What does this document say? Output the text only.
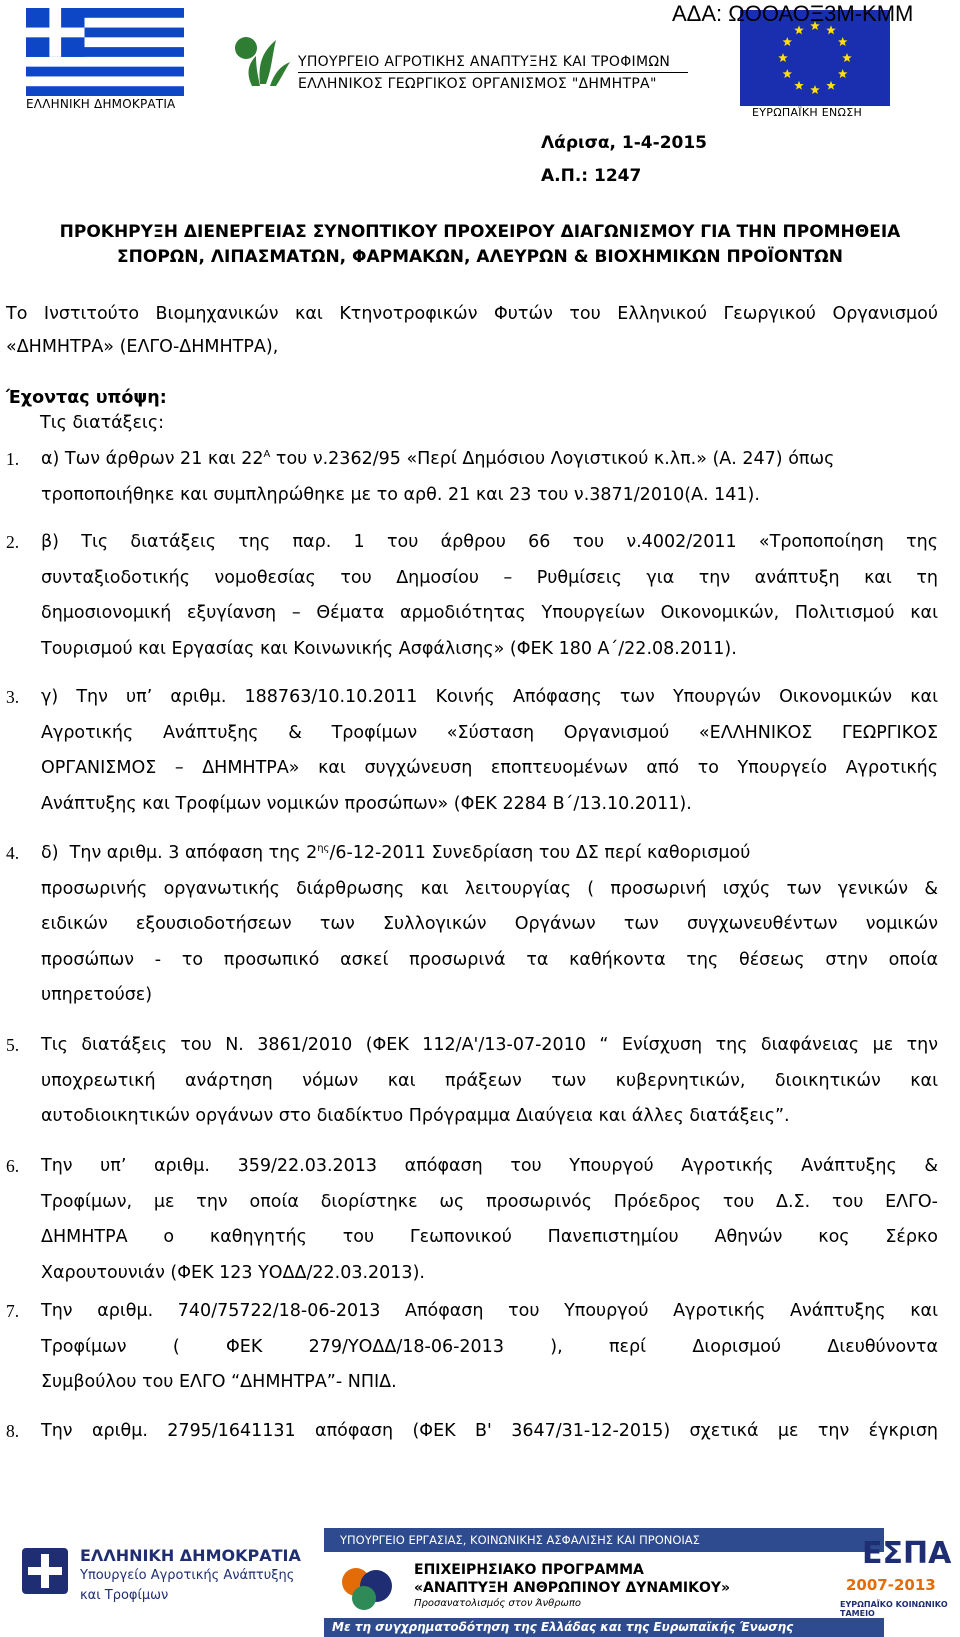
ΕΛΛΗΝΙΚΗ ΔΗΜΟΚΡΑΤΙΑ
ΥΠΟΥΡΓΕΙΟ ΑΓΡΟΤΙΚΗΣ ΑΝΑΠΤΥΞΗΣ ΚΑΙ ΤΡΟΦΙΜΩΝ
ΕΛΛΗΝΙΚΟΣ ΓΕΩΡΓΙΚΟΣ ΟΡΓΑΝΙΣΜΟΣ "ΔΗΜΗΤΡΑ"
ΕΥΡΩΠΑΪΚΗ ΕΝΩΣΗ
ΑΔΑ: ΩΟΟΑΟΞ3Μ-ΚΜΜ
Λάρισα, 1-4-2015
Α.Π.: 1247
ΠΡΟΚΗΡΥΞΗ ΔΙΕΝΕΡΓΕΙΑΣ ΣΥΝΟΠΤΙΚΟΥ ΠΡΟΧΕΙΡΟΥ ΔΙΑΓΩΝΙΣΜΟΥ ΓΙΑ ΤΗΝ ΠΡΟΜΗΘΕΙΑ
ΣΠΟΡΩΝ, ΛΙΠΑΣΜΑΤΩΝ, ΦΑΡΜΑΚΩΝ, ΑΛΕΥΡΩΝ & ΒΙΟΧΗΜΙΚΩΝ ΠΡΟΪΟΝΤΩΝ
Το Ινστιτούτο Βιομηχανικών και Κτηνοτροφικών Φυτών του Ελληνικού Γεωργικού Οργανισμού
«ΔΗΜΗΤΡΑ» (ΕΛΓΟ-ΔΗΜΗΤΡΑ),
Έχοντας υπόψη:
Τις διατάξεις:
1. α) Των άρθρων 21 και $22^A$ του ν.2362/95 «Περί Δημόσιου Λογιστικού κ.λπ.» (Α. 247) όπως
τροποποιήθηκε και συμπληρώθηκε με το αρθ. 21 και 23 του ν.3871/2010(Α. 141).
2. β) Τις διατάξεις της παρ. 1 του άρθρου 66 του ν.4002/2011 «Τροποποίηση της
συνταξιοδοτικής νομοθεσίας του Δημοσίου – Ρυθμίσεις για την ανάπτυξη και τη
δημοσιονομική εξυγίανση – Θέματα αρμοδιότητας Υπουργείων Οικονομικών, Πολιτισμού και
Τουρισμού και Εργασίας και Κοινωνικής Ασφάλισης» (ΦΕΚ 180 Α΄/22.08.2011).
3. γ) Την υπ’ αριθμ. 188763/10.10.2011 Κοινής Απόφασης των Υπουργών Οικονομικών και
Αγροτικής Ανάπτυξης & Τροφίμων «Σύσταση Οργανισμού «ΕΛΛΗΝΙΚΟΣ ΓΕΩΡΓΙΚΟΣ
ΟΡΓΑΝΙΣΜΟΣ – ΔΗΜΗΤΡΑ» και συγχώνευση εποπτευομένων από το Υπουργείο Αγροτικής
Ανάπτυξης και Τροφίμων νομικών προσώπων» (ΦΕΚ 2284 Β΄/13.10.2011).
4. δ)  Την αριθμ. 3 απόφαση της $2^{\eta\varsigma}/6-12-2011$ Συνεδρίαση του ΔΣ περί καθορισμού
προσωρινής οργανωτικής διάρθρωσης και λειτουργίας ( προσωρινή ισχύς των γενικών &
ειδικών εξουσιοδοτήσεων των Συλλογικών Οργάνων των συγχωνευθέντων νομικών
προσώπων - το προσωπικό ασκεί προσωρινά τα καθήκοντα της θέσεως στην οποία
υπηρετούσε)
5. Τις διατάξεις του Ν. 3861/2010 (ΦΕΚ 112/Α'/13-07-2010 “ Ενίσχυση της διαφάνειας με την
υποχρεωτική ανάρτηση νόμων και πράξεων των κυβερνητικών, διοικητικών και
αυτοδιοικητικών οργάνων στο διαδίκτυο Πρόγραμμα Διαύγεια και άλλες διατάξεις”.
6. Την υπ’ αριθμ. 359/22.03.2013 απόφαση του Υπουργού Αγροτικής Ανάπτυξης &
Τροφίμων, με την οποία διορίστηκε ως προσωρινός Πρόεδρος του Δ.Σ. του ΕΛΓΟ-
ΔΗΜΗΤΡΑ ο καθηγητής του Γεωπονικού Πανεπιστημίου Αθηνών κος Σέρκο
Χαρουτουνιάν (ΦΕΚ 123 ΥΟΔΔ/22.03.2013).
7. Την αριθμ. 740/75722/18-06-2013 Απόφαση του Υπουργού Αγροτικής Ανάπτυξης και
Τροφίμων ( ΦΕΚ 279/ΥΟΔΔ/18-06-2013 ), περί Διορισμού Διευθύνοντα
Συμβούλου του ΕΛΓΟ “ΔΗΜΗΤΡΑ”- ΝΠΙΔ.
8. Την αριθμ. 2795/1641131 απόφαση (ΦΕΚ Β' 3647/31-12-2015) σχετικά με την έγκριση
ΕΛΛΗΝΙΚΗ ΔΗΜΟΚΡΑΤΙΑ
Υπουργείο Αγροτικής Ανάπτυξης
και Τροφίμων
ΥΠΟΥΡΓΕΙΟ ΕΡΓΑΣΙΑΣ, ΚΟΙΝΩΝΙΚΗΣ ΑΣΦΑΛΙΣΗΣ ΚΑΙ ΠΡΟΝΟΙΑΣ
ΕΠΙΧΕΙΡΗΣΙΑΚΟ ΠΡΟΓΡΑΜΜΑ
«ΑΝΑΠΤΥΞΗ ΑΝΘΡΩΠΙΝΟΥ ΔΥΝΑΜΙΚΟΥ»
Προσανατολισμός στον Άνθρωπο
Με τη συγχρηματοδότηση της Ελλάδας και της Ευρωπαϊκής Ένωσης
ΕΣΠΑ
2007-2013
ΕΥΡΩΠΑΪΚΟ ΚΟΙΝΩΝΙΚΟ ΤΑΜΕΙΟ
